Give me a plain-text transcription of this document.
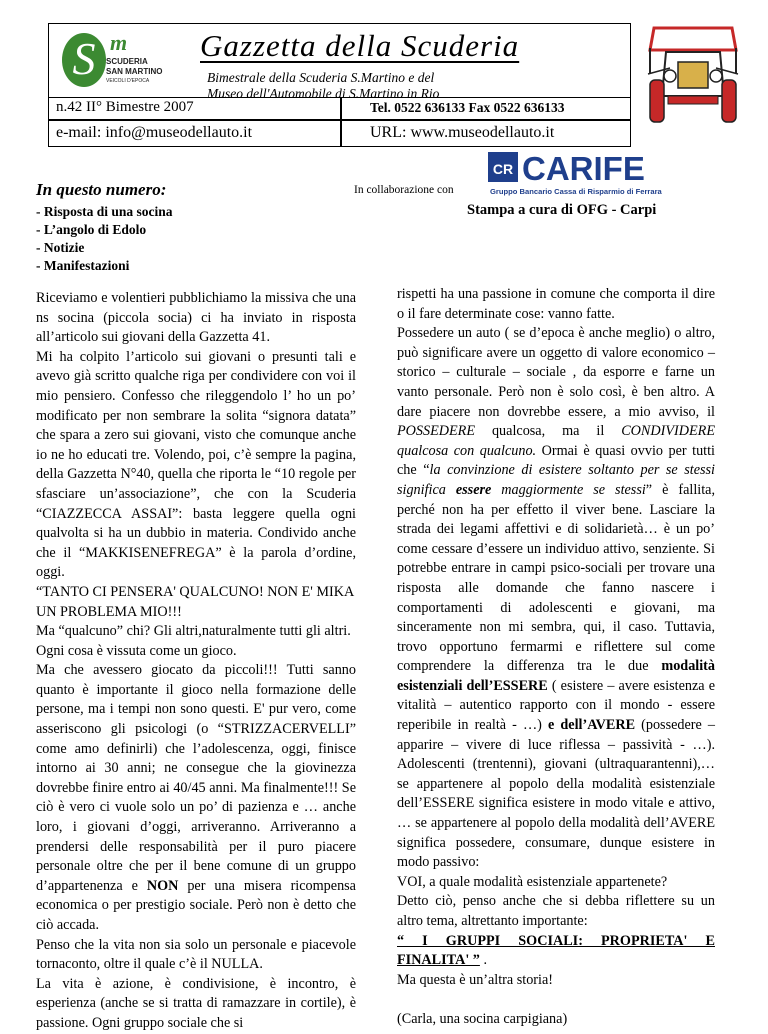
S m
SCUDERIA
SAN MARTINO
VEICOLI D'EPOCA
Gazzetta della Scuderia
Bimestrale della Scuderia S.Martino e del
Museo dell'Automobile di S.Martino in Rio
n.42 II° Bimestre 2007	Tel. 0522 636133 Fax 0522 636133
e-mail: info@museodellauto.it	URL: www.museodellauto.it
In questo numero:
- Risposta di una socina
- L’angolo di Edolo
- Notizie
- Manifestazioni
In collaborazione con
CR CARIFE
Gruppo Bancario Cassa di Risparmio di Ferrara
Stampa a cura di OFG - Carpi

Riceviamo e volentieri pubblichiamo la missiva che una ns socina (piccola socia) ci ha inviato in risposta all’articolo sui giovani della Gazzetta 41.

Mi ha colpito l’articolo sui giovani o presunti tali e avevo già scritto qualche riga per condividere con voi il mio pensiero. Confesso che rileggendolo l’ ho un po’ modificato per non sembrare la solita “signora datata” che spara a zero sui giovani, visto che comunque anche io ne ho educati tre. Volendo, poi, c’è sempre la pagina, della Gazzetta N°40, quella che riporta le “10 regole per sfasciare un’associazione”, che con la Scuderia “CIAZZECCA ASSAI”: basta leggere quella ogni qualvolta si ha un dubbio in materia. Condivido anche che il “MAKKISENEFREGA” è la parola d’ordine, oggi.

“TANTO CI PENSERA' QUALCUNO! NON E' MIKA UN PROBLEMA MIO!!!

Ma “qualcuno” chi? Gli altri,naturalmente tutti gli altri.

Ogni cosa è vissuta come un gioco.

Ma che avessero giocato da piccoli!!! Tutti sanno quanto è importante il gioco nella formazione delle persone, ma i tempi non sono questi. E' pur vero, come asseriscono gli psicologi (o “STRIZZACERVELLI” come amo definirli) che l’adolescenza, oggi, finisce intorno ai 30 anni; ne consegue che la giovinezza dovrebbe finire entro ai 40/45 anni. Ma finalmente!!! Se ciò è vero ci vuole solo un po’ di pazienza e … anche loro, i giovani d’oggi, arriveranno. Arriveranno a prendersi delle responsabilità per il puro piacere personale oltre che per il bene comune di un gruppo d’appartenenza e NON per una misera ricompensa economica o per prestigio sociale. Però non è detto che ciò accada.

Penso che la vita non sia solo un personale e piacevole tornaconto, oltre il quale c’è il NULLA.

La vita è azione, è condivisione, è incontro, è esperienza (anche se si tratta di ramazzare in cortile), è passione. Ogni gruppo sociale che si

rispetti ha una passione in comune che comporta il dire o il fare determinate cose: vanno fatte.

Possedere un auto ( se d’epoca è anche meglio) o altro, può significare avere un oggetto di valore economico – storico – culturale – sociale , da esporre e farne un vanto personale. Però non è solo così, è ben altro. A dare piacere non dovrebbe essere, a mio avviso, il POSSEDERE qualcosa, ma il CONDIVIDERE qualcosa con qualcuno. Ormai è quasi ovvio per tutti che “la convinzione di esistere soltanto per se stessi significa essere maggiormente se stessi” è fallita, perché non ha per effetto il viver bene. Lasciare la strada dei legami affettivi e di solidarietà… è un po’ come cessare d’essere un individuo attivo, senziente. Si potrebbe entrare in campi psico-sociali per trovare una risposta alle domande che fanno nascere i comportamenti di adolescenti e giovani, ma sinceramente non mi sembra, qui, il caso. Tuttavia, trovo opportuno fermarmi e riflettere sul come comprendere la differenza tra le due modalità esistenziali dell’ESSERE ( esistere – avere esistenza e vitalità – autentico rapporto con il mondo - essere reperibile in realtà - …) e dell’AVERE (possedere – apparire – vivere di luce riflessa – passività - …). Adolescenti (trentenni), giovani (ultraquarantenni),… se appartenere al popolo della modalità esistenziale dell’ESSERE significa esistere in modo vitale e attivo, … se appartenere al popolo della modalità dell’AVERE significa possedere, consumare, dunque esistere in modo passivo:

VOI, a quale modalità esistenziale appartenete?

Detto ciò, penso anche che si debba riflettere su un altro tema, altrettanto importante:

“ I GRUPPI SOCIALI: PROPRIETA' E FINALITA' ” .

Ma questa è un’altra storia!

(Carla, una socina carpigiana)
